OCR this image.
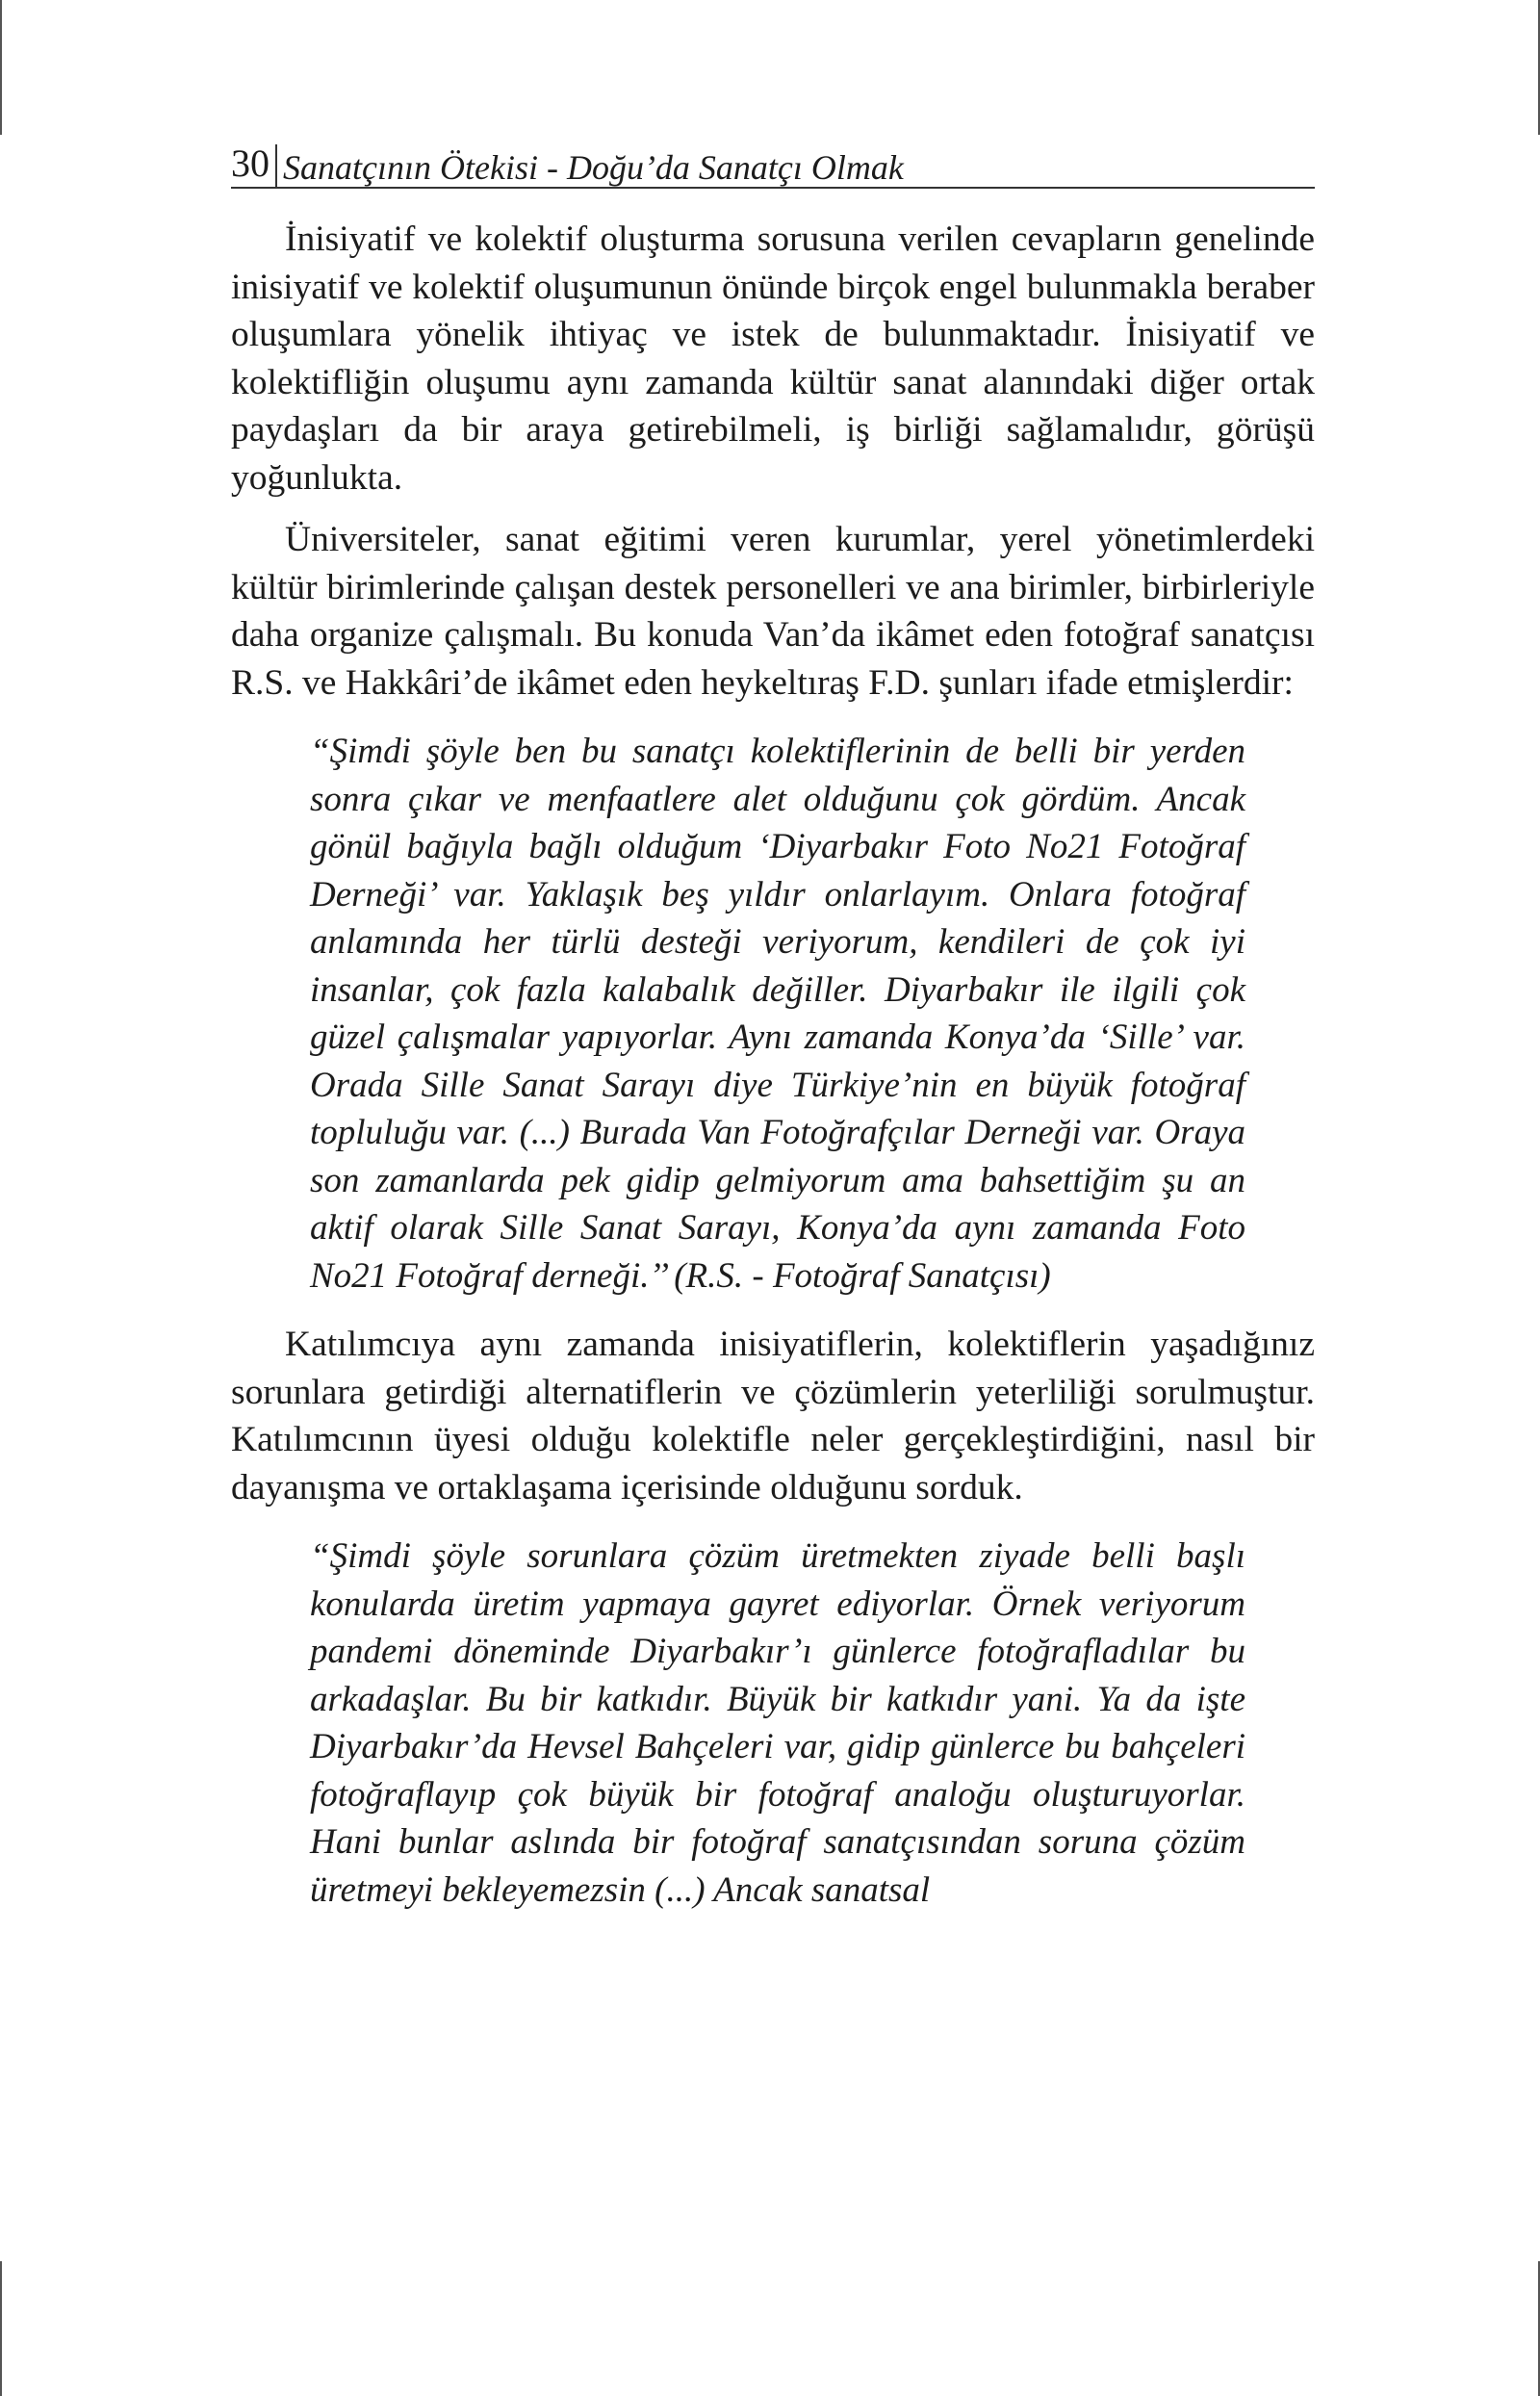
30 Sanatçının Ötekisi - Doğu’da Sanatçı Olmak

İnisiyatif ve kolektif oluşturma sorusuna verilen cevapların genelinde inisiyatif ve kolektif oluşumunun önünde birçok engel bulunmakla beraber oluşumlara yönelik ihtiyaç ve istek de bulunmaktadır. İnisiyatif ve kolektifliğin oluşumu aynı zamanda kültür sanat alanındaki diğer ortak paydaşları da bir araya getirebilmeli, iş birliği sağlamalıdır, görüşü yoğunlukta.

Üniversiteler, sanat eğitimi veren kurumlar, yerel yönetimlerdeki kültür birimlerinde çalışan destek personelleri ve ana birimler, birbirleriyle daha organize çalışmalı. Bu konuda Van’da ikâmet eden fotoğraf sanatçısı R.S. ve Hakkâri’de ikâmet eden heykeltıraş F.D. şunları ifade etmişlerdir:

“Şimdi şöyle ben bu sanatçı kolektiflerinin de belli bir yerden sonra çıkar ve menfaatlere alet olduğunu çok gördüm. Ancak gönül bağıyla bağlı olduğum ‘Diyarbakır Foto No21 Fotoğraf Derneği’ var. Yaklaşık beş yıldır onlarlayım. Onlara fotoğraf anlamında her türlü desteği veriyorum, kendileri de çok iyi insanlar, çok fazla kalabalık değiller. Diyarbakır ile ilgili çok güzel çalışmalar yapıyorlar. Aynı zamanda Konya’da ‘Sille’ var. Orada Sille Sanat Sarayı diye Türkiye’nin en büyük fotoğraf topluluğu var. (...) Burada Van Fotoğrafçılar Derneği var. Oraya son zamanlarda pek gidip gelmiyorum ama bahsettiğim şu an aktif olarak Sille Sanat Sarayı, Konya’da aynı zamanda Foto No21 Fotoğraf derneği.’’ (R.S. - Fotoğraf Sanatçısı)

Katılımcıya aynı zamanda inisiyatiflerin, kolektiflerin yaşadığınız sorunlara getirdiği alternatiflerin ve çözümlerin yeterliliği sorulmuştur. Katılımcının üyesi olduğu kolektifle neler gerçekleştirdiğini, nasıl bir dayanışma ve ortaklaşama içerisinde olduğunu sorduk.

“Şimdi şöyle sorunlara çözüm üretmekten ziyade belli başlı konularda üretim yapmaya gayret ediyorlar. Örnek veriyorum pandemi döneminde Diyarbakır’ı günlerce fotoğrafladılar bu arkadaşlar. Bu bir katkıdır. Büyük bir katkıdır yani. Ya da işte Diyarbakır’da Hevsel Bahçeleri var, gidip günlerce bu bahçeleri fotoğraflayıp çok büyük bir fotoğraf analoğu oluşturuyorlar. Hani bunlar aslında bir fotoğraf sanatçısından soruna çözüm üretmeyi bekleyemezsin (...) Ancak sanatsal
